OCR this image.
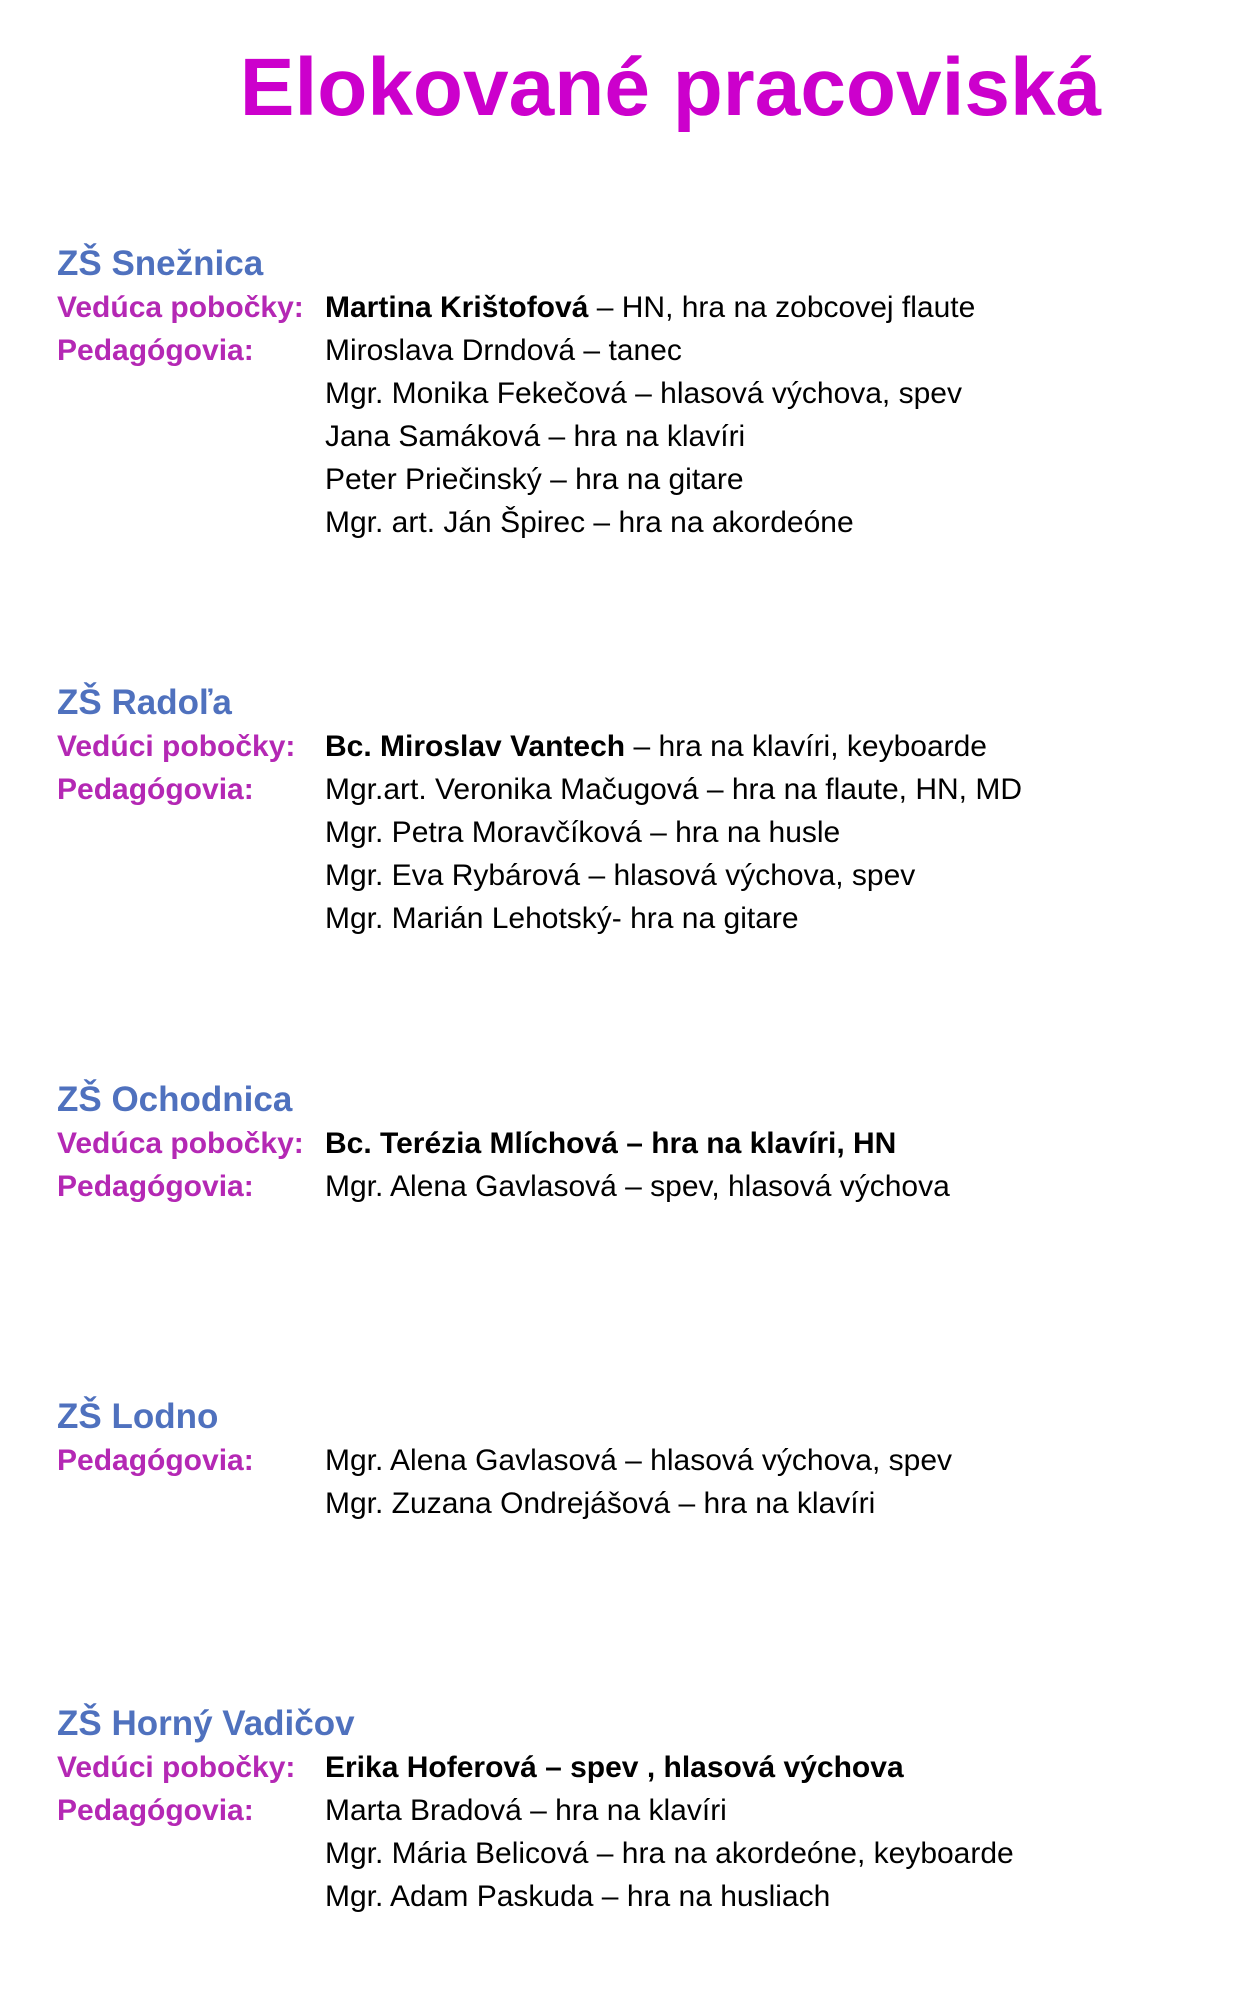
Elokované pracoviská
ZŠ Snežnica
Vedúca pobočky: Martina Krištofová – HN, hra na zobcovej flaute
Pedagógovia:	Miroslava Drndová – tanec
Mgr. Monika Fekečová – hlasová výchova, spev
Jana Samáková – hra na klavíri
Peter Priečinský – hra na gitare
Mgr. art. Ján Špirec – hra na akordeóne
ZŠ Radoľa
Vedúci pobočky: Bc. Miroslav Vantech – hra na klavíri, keyboarde
Pedagógovia:	Mgr.art. Veronika Mačugová – hra na flaute, HN, MD
Mgr. Petra Moravčíková – hra na husle
Mgr. Eva Rybárová – hlasová výchova, spev
Mgr. Marián Lehotský- hra na gitare
ZŠ Ochodnica
Vedúca pobočky: Bc. Terézia Mlíchová – hra na klavíri, HN
Pedagógovia:	Mgr. Alena Gavlasová – spev, hlasová výchova
ZŠ Lodno
Pedagógovia:	Mgr. Alena Gavlasová – hlasová výchova, spev
Mgr. Zuzana Ondrejášová – hra na klavíri
ZŠ Horný Vadičov
Vedúci pobočky: Erika Hoferová – spev , hlasová výchova
Pedagógovia:	Marta Bradová – hra na klavíri
Mgr. Mária Belicová – hra na akordeóne, keyboarde
Mgr. Adam Paskuda – hra na husliach
